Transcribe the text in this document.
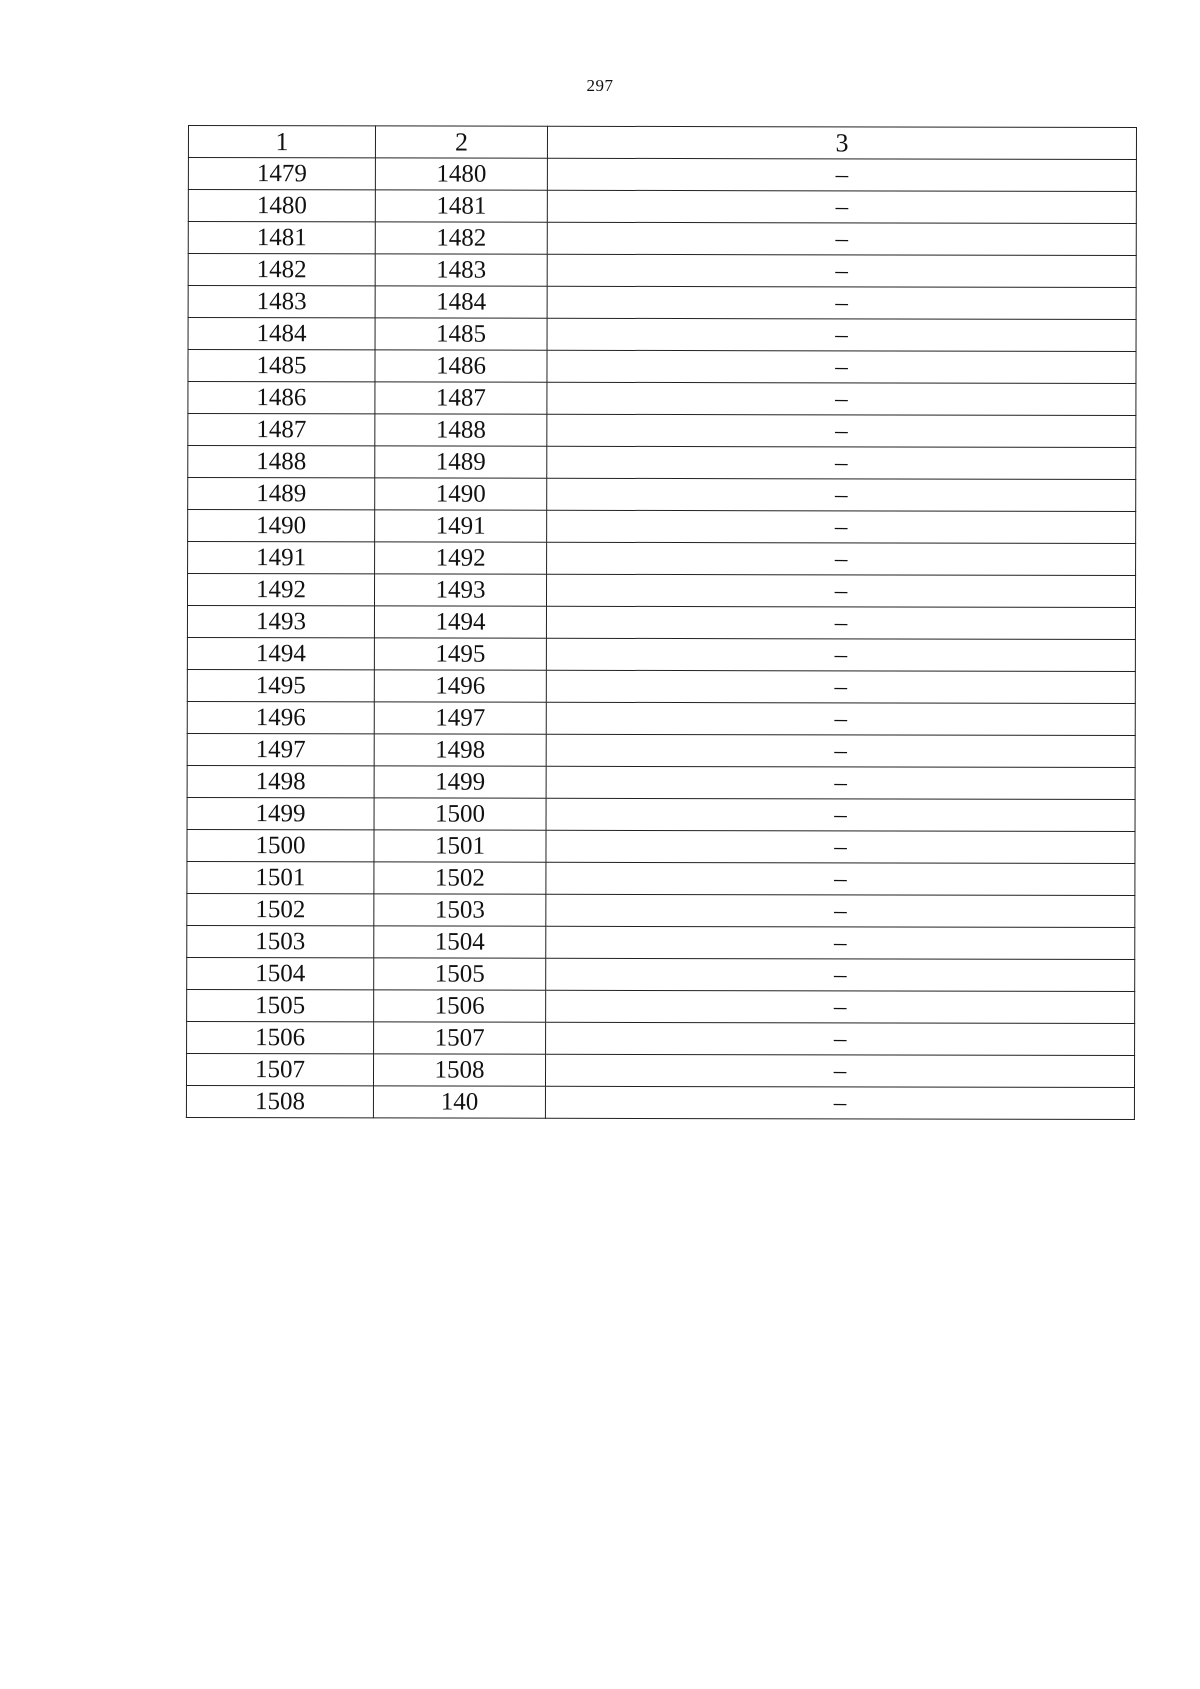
297
1	2	3
1479	1480	–
1480	1481	–
1481	1482	–
1482	1483	–
1483	1484	–
1484	1485	–
1485	1486	–
1486	1487	–
1487	1488	–
1488	1489	–
1489	1490	–
1490	1491	–
1491	1492	–
1492	1493	–
1493	1494	–
1494	1495	–
1495	1496	–
1496	1497	–
1497	1498	–
1498	1499	–
1499	1500	–
1500	1501	–
1501	1502	–
1502	1503	–
1503	1504	–
1504	1505	–
1505	1506	–
1506	1507	–
1507	1508	–
1508	140	–
